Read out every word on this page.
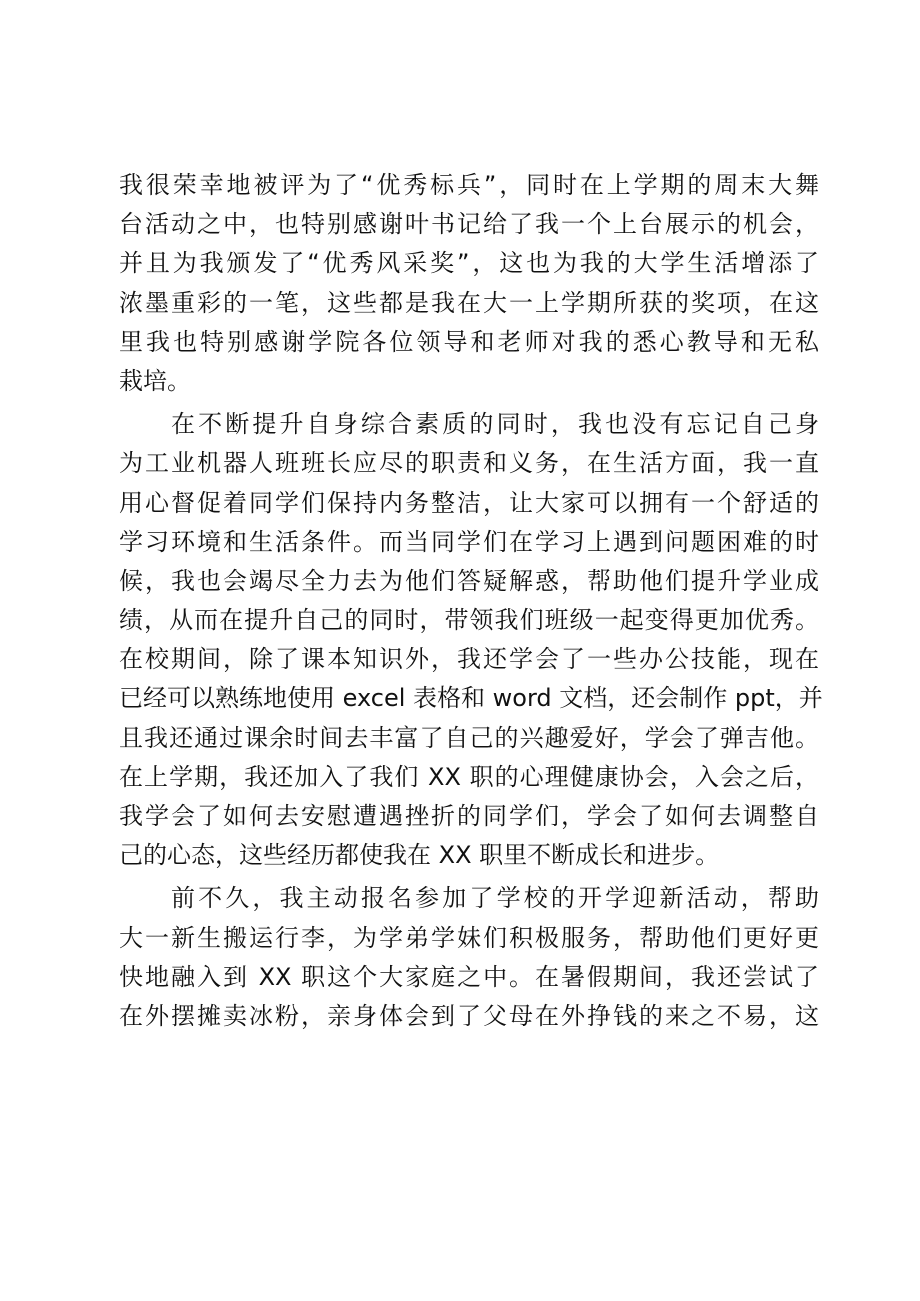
我很荣幸地被评为了“优秀标兵”，同时在上学期的周末大舞
台活动之中，也特别感谢叶书记给了我一个上台展示的机会，
并且为我颁发了“优秀风采奖”，这也为我的大学生活增添了
浓墨重彩的一笔，这些都是我在大一上学期所获的奖项，在这
里我也特别感谢学院各位领导和老师对我的悉心教导和无私
栽培。
在不断提升自身综合素质的同时，我也没有忘记自己身
为工业机器人班班长应尽的职责和义务，在生活方面，我一直
用心督促着同学们保持内务整洁，让大家可以拥有一个舒适的
学习环境和生活条件。而当同学们在学习上遇到问题困难的时
候，我也会竭尽全力去为他们答疑解惑，帮助他们提升学业成
绩，从而在提升自己的同时，带领我们班级一起变得更加优秀。
在校期间，除了课本知识外，我还学会了一些办公技能，现在
已经可以熟练地使用 excel 表格和 word 文档，还会制作 ppt，并
且我还通过课余时间去丰富了自己的兴趣爱好，学会了弹吉他。
在上学期，我还加入了我们 XX 职的心理健康协会，入会之后，
我学会了如何去安慰遭遇挫折的同学们，学会了如何去调整自
己的心态，这些经历都使我在 XX 职里不断成长和进步。
前不久，我主动报名参加了学校的开学迎新活动，帮助
大一新生搬运行李，为学弟学妹们积极服务，帮助他们更好更
快地融入到 XX 职这个大家庭之中。在暑假期间，我还尝试了
在外摆摊卖冰粉，亲身体会到了父母在外挣钱的来之不易，这
